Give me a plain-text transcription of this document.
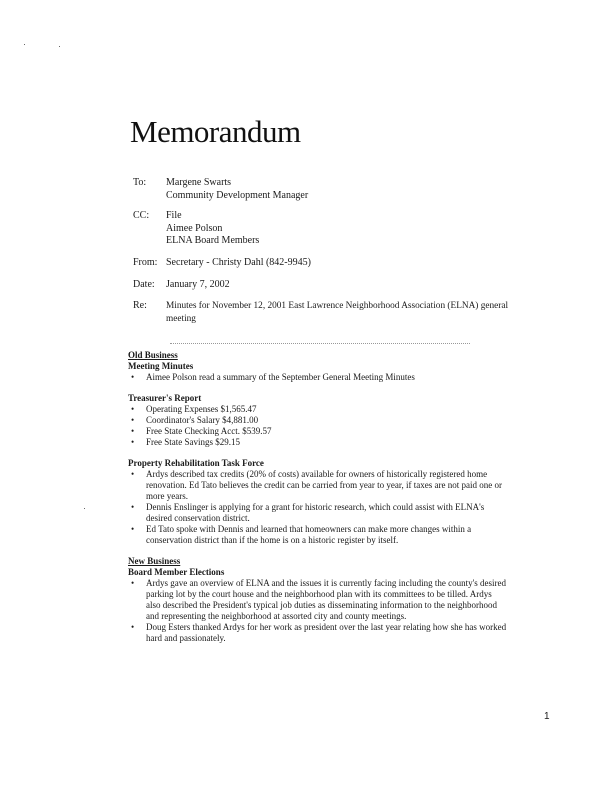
Memorandum
To:	Margene Swarts
Community Development Manager
CC:	File
Aimee Polson
ELNA Board Members
From: Secretary - Christy Dahl (842-9945)
Date:	January 7, 2002
Re:	Minutes for November 12, 2001 East Lawrence Neighborhood Association (ELNA) general
meeting
Old Business
Meeting Minutes
• Aimee Polson read a summary of the September General Meeting Minutes
Treasurer's Report
• Operating Expenses $1,565.47
• Coordinator's Salary $4,881.00
• Free State Checking Acct. $539.57
• Free State Savings $29.15
Property Rehabilitation Task Force
• Ardys described tax credits (20% of costs) available for owners of historically registered home renovation. Ed Tato believes the credit can be carried from year to year, if taxes are not paid one or more years.
• Dennis Enslinger is applying for a grant for historic research, which could assist with ELNA's desired conservation district.
• Ed Tato spoke with Dennis and learned that homeowners can make more changes within a conservation district than if the home is on a historic register by itself.
New Business
Board Member Elections
• Ardys gave an overview of ELNA and the issues it is currently facing including the county's desired parking lot by the court house and the neighborhood plan with its committees to be tilled. Ardys also described the President's typical job duties as disseminating information to the neighborhood and representing the neighborhood at assorted city and county meetings.
• Doug Esters thanked Ardys for her work as president over the last year relating how she has worked hard and passionately.
1
